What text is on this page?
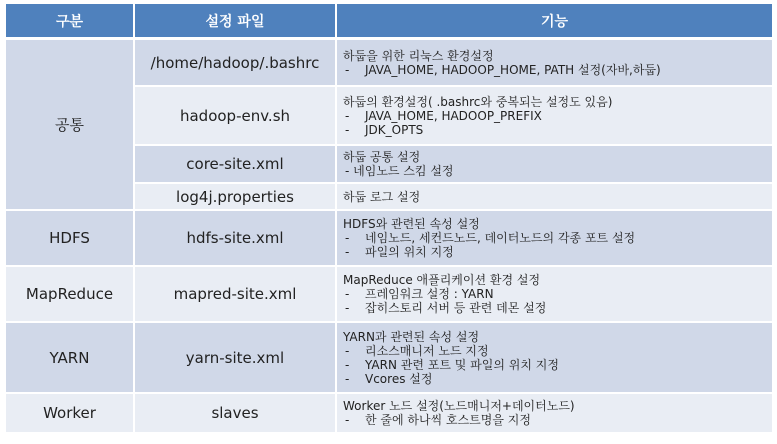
구분	설정 파일	기능
공통	/home/hadoop/.bashrc	하둡을 위한 리눅스 환경설정
- JAVA_HOME, HADOOP_HOME, PATH 설정(자바,하둡)

	hadoop-env.sh	하둡의 환경설정( .bashrc와 중복되는 설정도 있음)
- JAVA_HOME, HADOOP_PREFIX
- JDK_OPTS

	core-site.xml	하둡 공통 설정
- 네임노드 스킴 설정

	log4j.properties	하둡 로그 설정

HDFS	hdfs-site.xml	HDFS와 관련된 속성 설정
- 네임노드, 세컨드노드, 데이터노드의 각종 포트 설정
- 파일의 위치 지정

MapReduce	mapred-site.xml	MapReduce 애플리케이션 환경 설정
- 프레임워크 설정 : YARN
- 잡히스토리 서버 등 관련 데몬 설정

YARN	yarn-site.xml	YARN과 관련된 속성 설정
- 리소스매니저 노드 지정
- YARN 관련 포트 및 파일의 위치 지정
- Vcores 설정

Worker	slaves	Worker 노드 설정(노드매니저+데이터노드)
- 한 줄에 하나씩 호스트명을 지정
